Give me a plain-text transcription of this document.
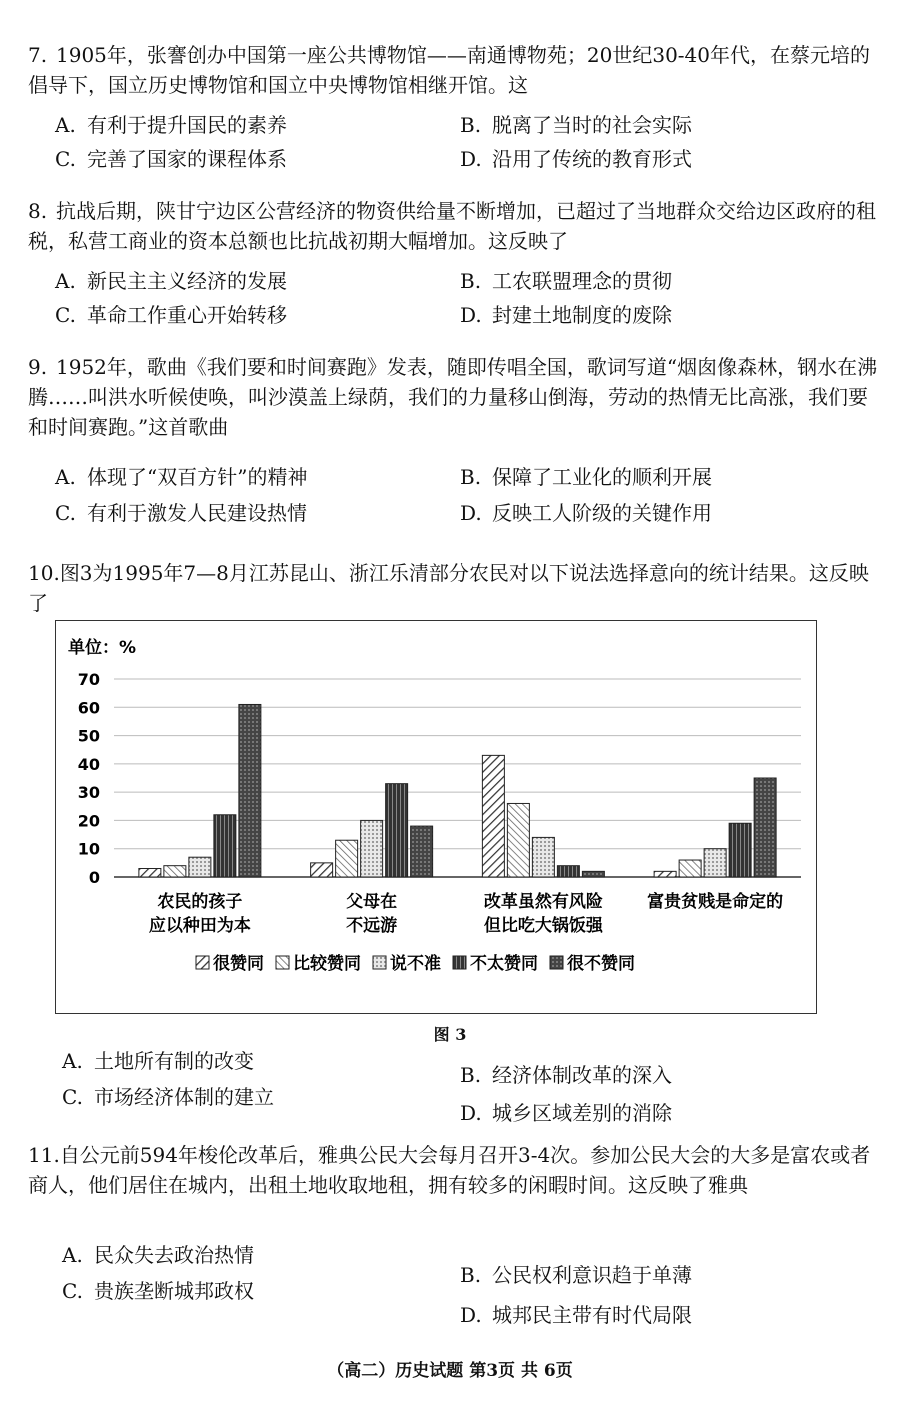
7. 1905年，张謇创办中国第一座公共博物馆——南通博物苑；20世纪30-40年代，在蔡元培的倡导下，国立历史博物馆和国立中央博物馆相继开馆。这
A. 有利于提升国民的素养	B. 脱离了当时的社会实际
C. 完善了国家的课程体系	D. 沿用了传统的教育形式
8. 抗战后期，陕甘宁边区公营经济的物资供给量不断增加，已超过了当地群众交给边区政府的租税，私营工商业的资本总额也比抗战初期大幅增加。这反映了
A. 新民主主义经济的发展	B. 工农联盟理念的贯彻
C. 革命工作重心开始转移	D. 封建土地制度的废除
9. 1952年，歌曲《我们要和时间赛跑》发表，随即传唱全国，歌词写道“烟囱像森林，钢水在沸腾……叫洪水听候使唤，叫沙漠盖上绿荫，我们的力量移山倒海，劳动的热情无比高涨，我们要和时间赛跑。”这首歌曲
A. 体现了“双百方针”的精神	B. 保障了工业化的顺利开展
C. 有利于激发人民建设热情	D. 反映工人阶级的关键作用
10.图3为1995年7—8月江苏昆山、浙江乐清部分农民对以下说法选择意向的统计结果。这反映了
单位：%
0
10
20
30
40
50
60
70
农民的孩子应以种田为本
父母在不远游
改革虽然有风险但比吃大锅饭强
富贵贫贱是命定的
很赞同 比较赞同 说不准 不太赞同 很不赞同
图 3
A. 土地所有制的改变
B. 经济体制改革的深入
C. 市场经济体制的建立
D. 城乡区域差别的消除
11.自公元前594年梭伦改革后，雅典公民大会每月召开3-4次。参加公民大会的大多是富农或者商人，他们居住在城内，出租土地收取地租，拥有较多的闲暇时间。这反映了雅典
A. 民众失去政治热情
B. 公民权利意识趋于单薄
C. 贵族垄断城邦政权
D. 城邦民主带有时代局限
（高二）历史试题 第3页 共 6页
